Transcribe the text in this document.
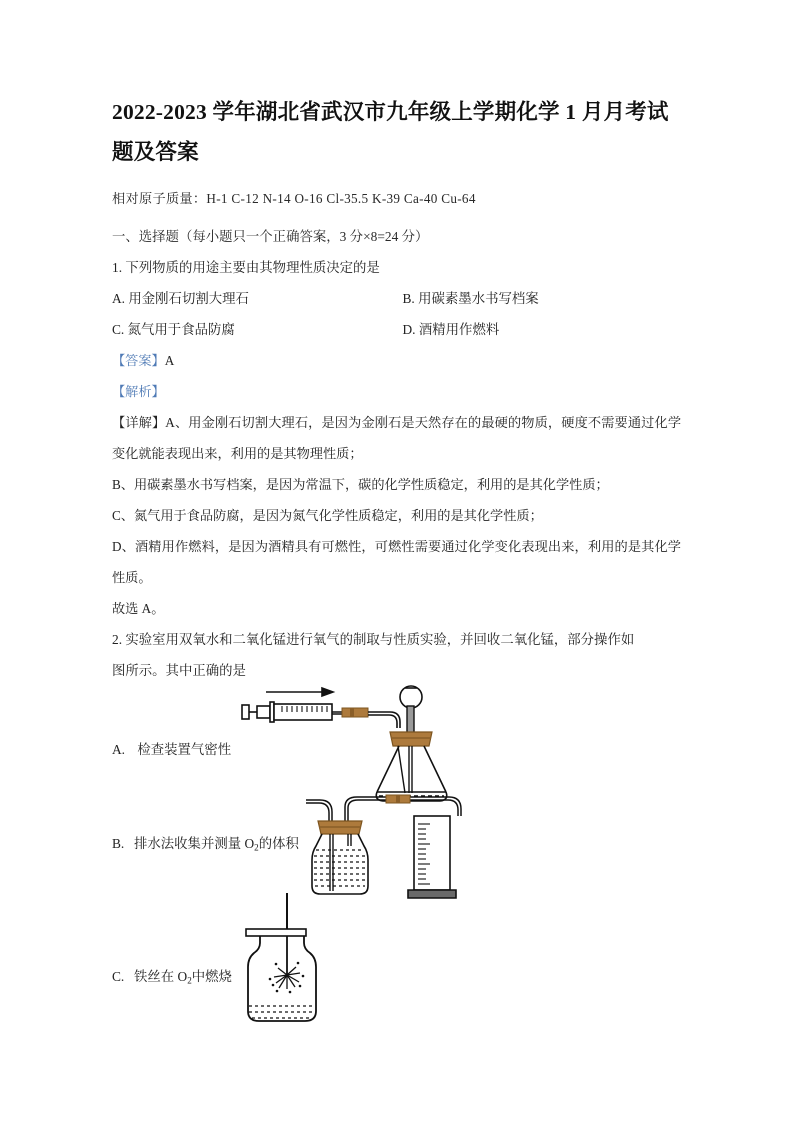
2022-2023 学年湖北省武汉市九年级上学期化学 1 月月考试题及答案
相对原子质量：H-1 C-12 N-14 O-16 Cl-35.5 K-39 Ca-40 Cu-64
一、选择题（每小题只一个正确答案，3 分×8=24 分）
1. 下列物质的用途主要由其物理性质决定的是
A. 用金刚石切割大理石	B. 用碳素墨水书写档案
C. 氮气用于食品防腐	D. 酒精用作燃料
【答案】A
【解析】
【详解】A、用金刚石切割大理石，是因为金刚石是天然存在的最硬的物质，硬度不需要通过化学变化就能表现出来，利用的是其物理性质；
B、用碳素墨水书写档案，是因为常温下，碳的化学性质稳定，利用的是其化学性质；
C、氮气用于食品防腐，是因为氮气化学性质稳定，利用的是其化学性质；
D、酒精用作燃料，是因为酒精具有可燃性，可燃性需要通过化学变化表现出来，利用的是其化学性质。
故选 A。
2. 实验室用双氧水和二氧化锰进行氧气的制取与性质实验，并回收二氧化锰，部分操作如
图所示。其中正确的是
A. 检查装置气密性
B. 排水法收集并测量 $O_2$的体积
C. 铁丝在 $O_2$中燃烧
